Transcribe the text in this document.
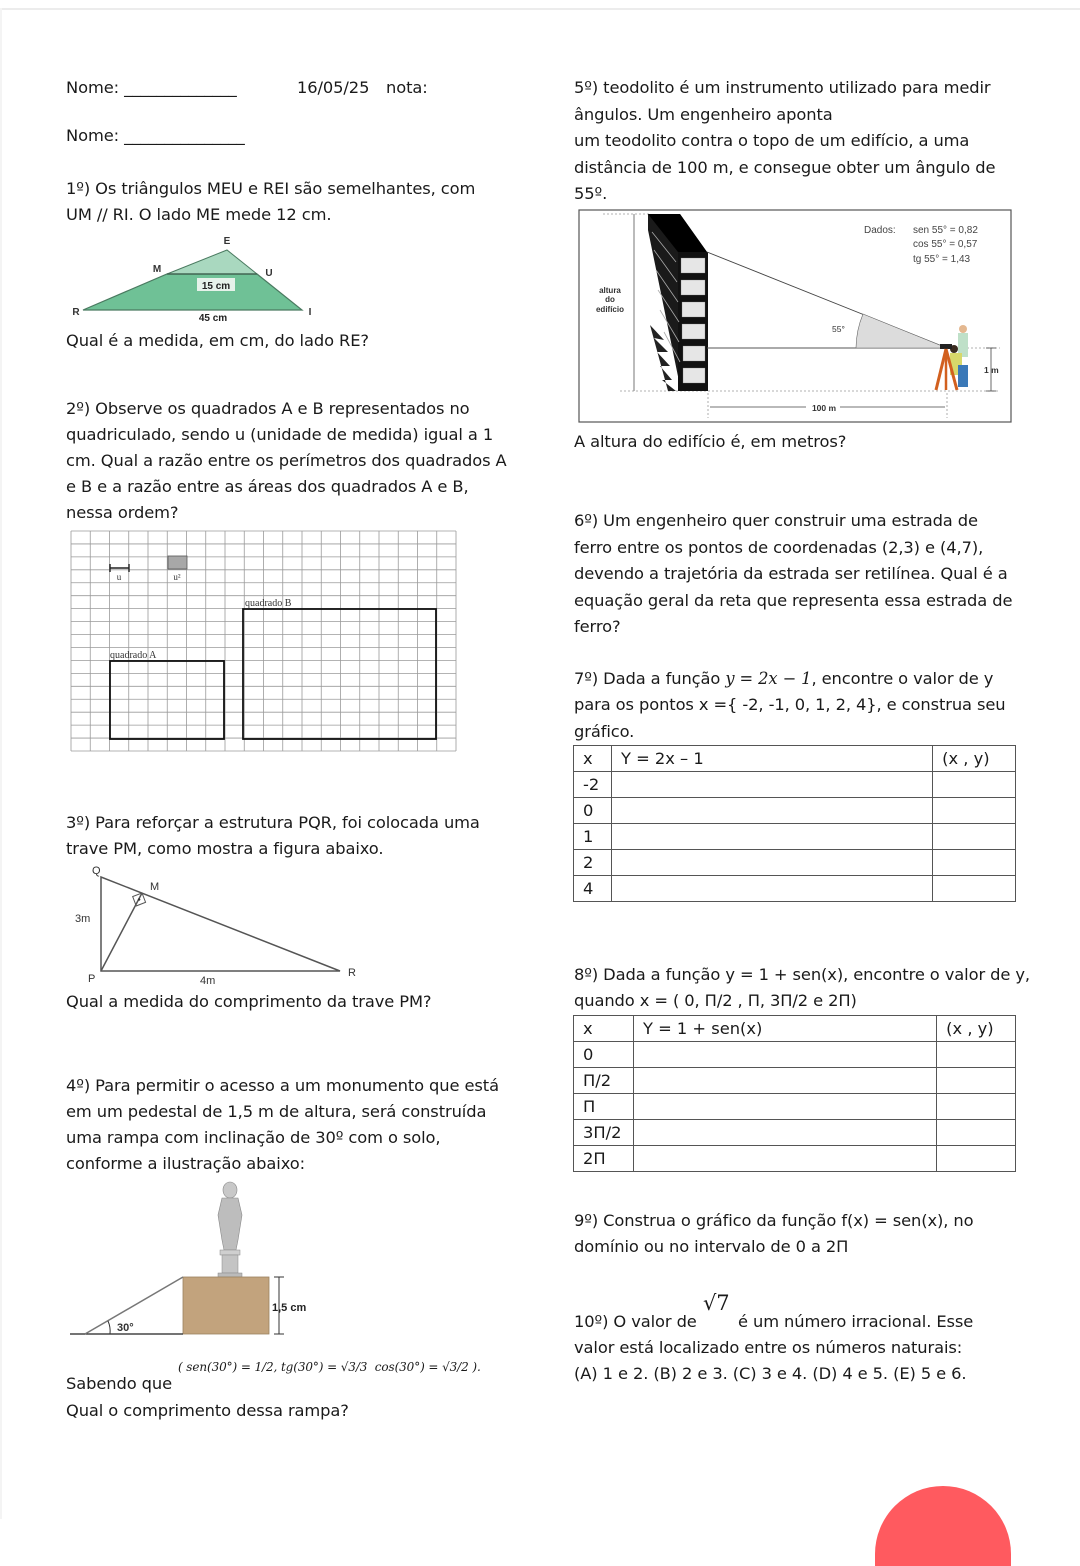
Nome: ______________	16/05/25 nota:
Nome: _______________
1º) Os triângulos MEU e REI são semelhantes, com
UM // RI. O lado ME mede 12 cm.
15 cm
45 cm
E
M	U
R	I
Qual é a medida, em cm, do lado RE?
2º) Observe os quadrados A e B representados no
quadriculado, sendo u (unidade de medida) igual a 1
cm. Qual a razão entre os perímetros dos quadrados A
e B e a razão entre as áreas dos quadrados A e B,
nessa ordem?
u	u²
quadrado A
quadrado B
3º) Para reforçar a estrutura PQR, foi colocada uma
trave PM, como mostra a figura abaixo.
Q
M
P	R
3m
4m
Qual a medida do comprimento da trave PM?
4º) Para permitir o acesso a um monumento que está
em um pedestal de 1,5 m de altura, será construída
uma rampa com inclinação de 30º com o solo,
conforme a ilustração abaixo:
30°
1,5 cm
Sabendo que
( sen(30°) = 1/2, tg(30°) = √3/3 cos(30°) = √3/2 ).
Qual o comprimento dessa rampa?
5º) teodolito é um instrumento utilizado para medir
ângulos. Um engenheiro aponta
um teodolito contra o topo de um edifício, a uma
distância de 100 m, e consegue obter um ângulo de
55º.
100 m
1 m
55°
altura
do
edifício
Dados: sen 55° = 0,82
cos 55° = 0,57
tg 55° = 1,43
A altura do edifício é, em metros?
6º) Um engenheiro quer construir uma estrada de
ferro entre os pontos de coordenadas (2,3) e (4,7),
devendo a trajetória da estrada ser retilínea. Qual é a
equação geral da reta que representa essa estrada de
ferro?
7º) Dada a função y = 2x − 1, encontre o valor de y
para os pontos x ={ -2, -1, 0, 1, 2, 4}, e construa seu
gráfico.
x	Y = 2x – 1	(x , y)
-2		
0		
1		
2		
4		
8º) Dada a função y = 1 + sen(x), encontre o valor de y,
quando x = ( 0, Π/2 , Π, 3Π/2 e 2Π)
x	Y = 1 + sen(x)	(x , y)
0		
Π/2		
Π		
3Π/2		
2Π		
9º) Construa o gráfico da função f(x) = sen(x), no
domínio ou no intervalo de 0 a 2Π
10º) O valor de
√7
é um número irracional. Esse
valor está localizado entre os números naturais:
(A) 1 e 2. (B) 2 e 3. (C) 3 e 4. (D) 4 e 5. (E) 5 e 6.
